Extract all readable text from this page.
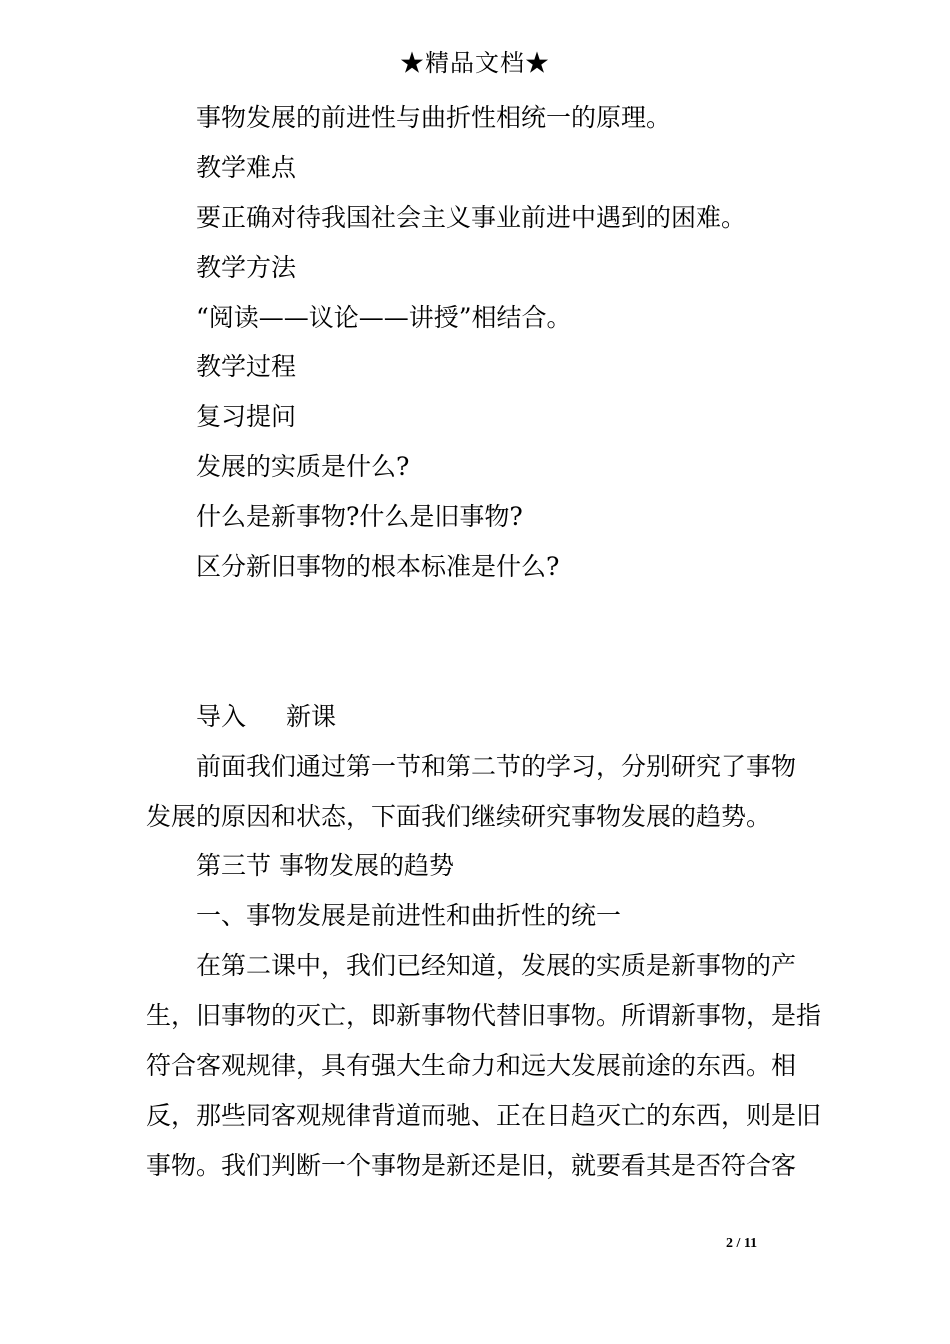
★精品文档★
事物发展的前进性与曲折性相统一的原理。
教学难点
要正确对待我国社会主义事业前进中遇到的困难。
教学方法
“阅读——议论——讲授”相结合。
教学过程
复习提问
发展的实质是什么?
什么是新事物?什么是旧事物?
区分新旧事物的根本标准是什么?
导入 新课
前面我们通过第一节和第二节的学习，分别研究了事物
发展的原因和状态，下面我们继续研究事物发展的趋势。
第三节 事物发展的趋势
一、事物发展是前进性和曲折性的统一
在第二课中，我们已经知道，发展的实质是新事物的产
生，旧事物的灭亡，即新事物代替旧事物。所谓新事物，是指
符合客观规律，具有强大生命力和远大发展前途的东西。相
反，那些同客观规律背道而驰、正在日趋灭亡的东西，则是旧
事物。我们判断一个事物是新还是旧，就要看其是否符合客
2 / 11
